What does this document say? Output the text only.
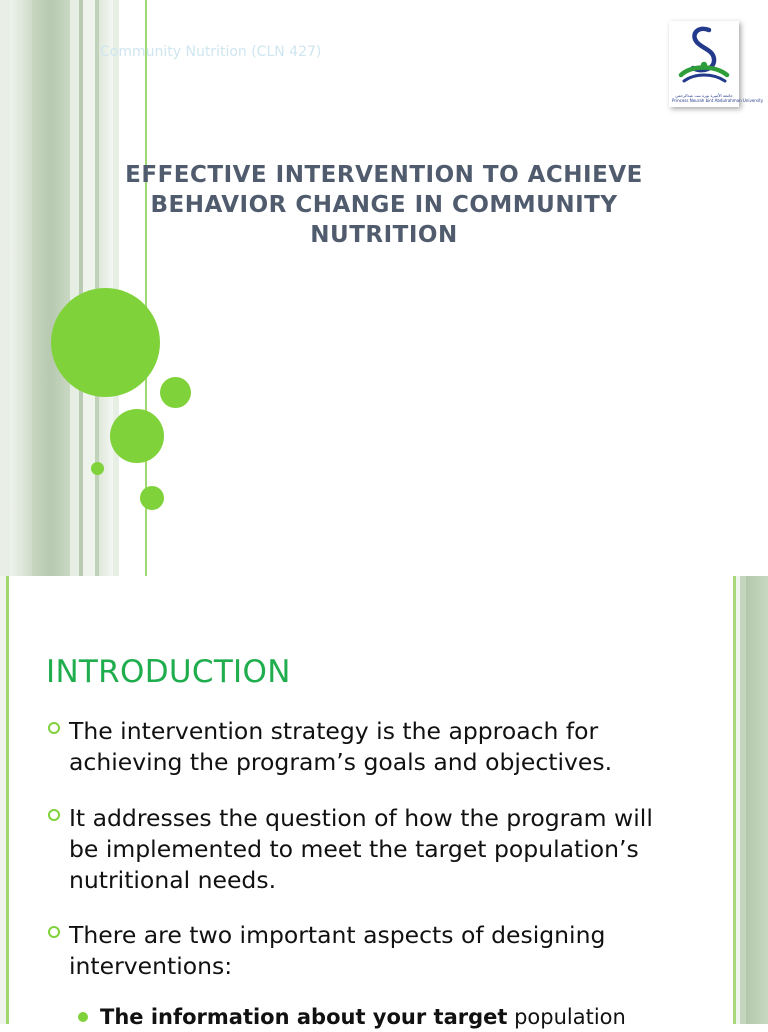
Community Nutrition (CLN 427)
جامعة الأميرة نورة بنت عبدالرحمن
Princess Nourah bint Abdulrahman University
EFFECTIVE INTERVENTION TO ACHIEVE BEHAVIOR CHANGE IN COMMUNITY NUTRITION
INTRODUCTION
The intervention strategy is the approach for achieving the program’s goals and objectives.
It addresses the question of how the program will be implemented to meet the target population’s nutritional needs.
There are two important aspects of designing interventions:
The information about your target population
